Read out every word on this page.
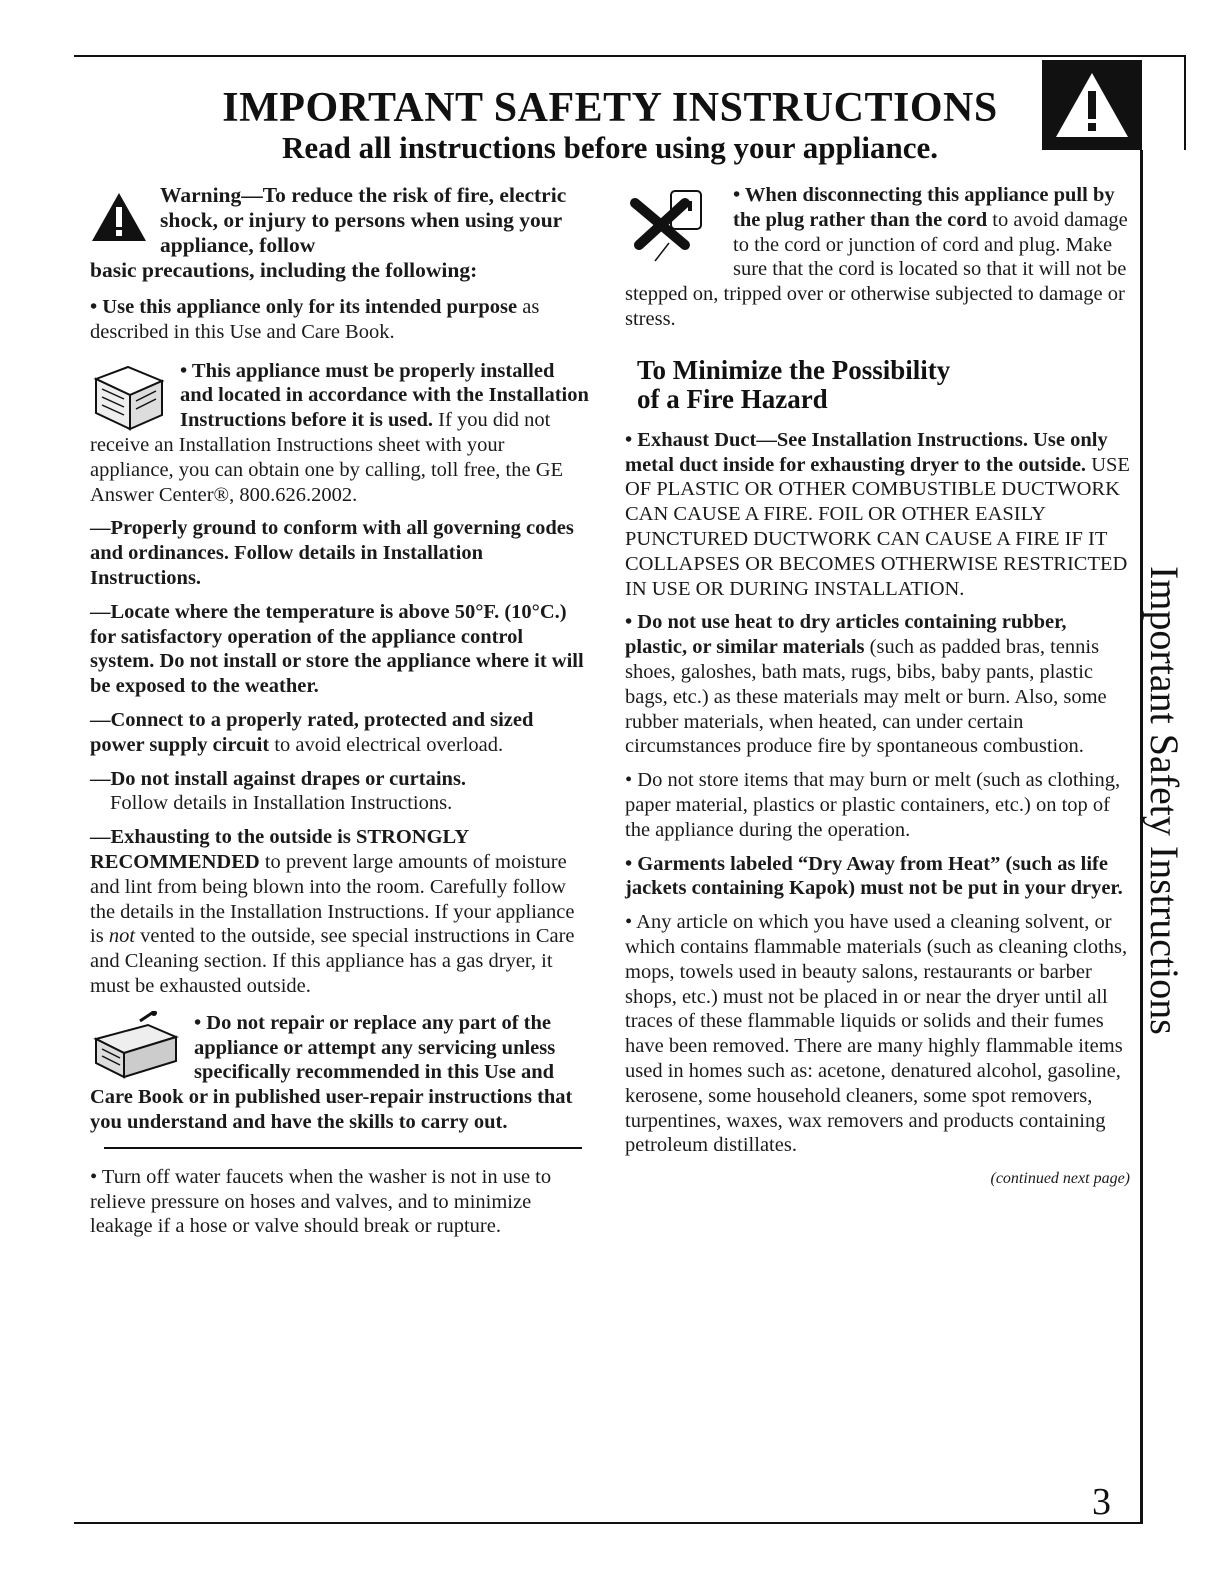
Important Safety Instructions
IMPORTANT SAFETY INSTRUCTIONS
Read all instructions before using your appliance.
Warning—To reduce the risk of fire, electric shock, or injury to persons when using your appliance, follow
basic precautions, including the following:

• Use this appliance only for its intended purpose as described in this Use and Care Book.

• This appliance must be properly installed and located in accordance with the Installation Instructions before it is used. If you did not receive an Installation Instructions sheet with your appliance, you can obtain one by calling, toll free, the GE Answer Center®, 800.626.2002.

—Properly ground to conform with all governing codes and ordinances. Follow details in Installation Instructions.

—Locate where the temperature is above 50°F. (10°C.) for satisfactory operation of the appliance control system. Do not install or store the appliance where it will be exposed to the weather.

—Connect to a properly rated, protected and sized power supply circuit to avoid electrical overload.

—Do not install against drapes or curtains.
Follow details in Installation Instructions.

—Exhausting to the outside is STRONGLY RECOMMENDED to prevent large amounts of moisture and lint from being blown into the room. Carefully follow the details in the Installation Instructions. If your appliance is not vented to the outside, see special instructions in Care and Cleaning section. If this appliance has a gas dryer, it must be exhausted outside.

• Do not repair or replace any part of the appliance or attempt any servicing unless specifically recommended in this Use and Care Book or in published user-repair instructions that you understand and have the skills to carry out.

• Turn off water faucets when the washer is not in use to relieve pressure on hoses and valves, and to minimize leakage if a hose or valve should break or rupture.

• When disconnecting this appliance pull by the plug rather than the cord to avoid damage to the cord or junction of cord and plug. Make sure that the cord is located so that it will not be stepped on, tripped over or otherwise subjected to damage or stress.

To Minimize the Possibility
of a Fire Hazard

• Exhaust Duct—See Installation Instructions. Use only metal duct inside for exhausting dryer to the outside. USE OF PLASTIC OR OTHER COMBUSTIBLE DUCTWORK CAN CAUSE A FIRE. FOIL OR OTHER EASILY PUNCTURED DUCTWORK CAN CAUSE A FIRE IF IT COLLAPSES OR BECOMES OTHERWISE RESTRICTED IN USE OR DURING INSTALLATION.

• Do not use heat to dry articles containing rubber, plastic, or similar materials (such as padded bras, tennis shoes, galoshes, bath mats, rugs, bibs, baby pants, plastic bags, etc.) as these materials may melt or burn. Also, some rubber materials, when heated, can under certain circumstances produce fire by spontaneous combustion.

• Do not store items that may burn or melt (such as clothing, paper material, plastics or plastic containers, etc.) on top of the appliance during the operation.

• Garments labeled “Dry Away from Heat” (such as life jackets containing Kapok) must not be put in your dryer.

• Any article on which you have used a cleaning solvent, or which contains flammable materials (such as cleaning cloths, mops, towels used in beauty salons, restaurants or barber shops, etc.) must not be placed in or near the dryer until all traces of these flammable liquids or solids and their fumes have been removed. There are many highly flammable items used in homes such as: acetone, denatured alcohol, gasoline, kerosene, some household cleaners, some spot removers, turpentines, waxes, wax removers and products containing petroleum distillates.

(continued next page)
3
